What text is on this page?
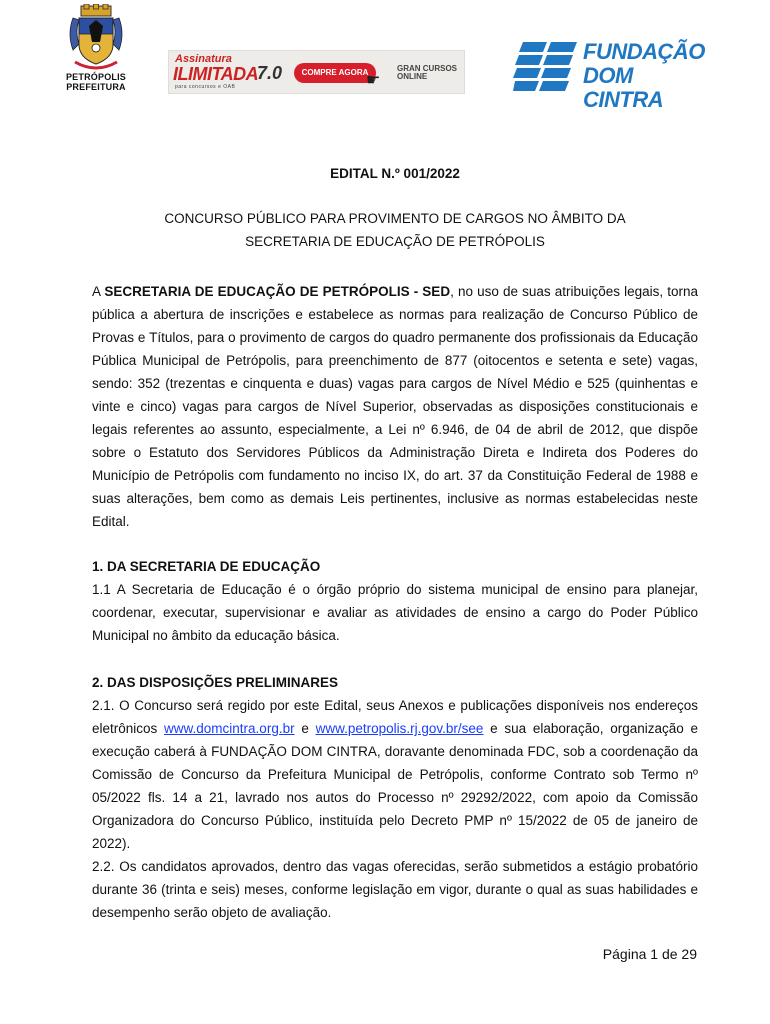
PETRÓPOLIS
PREFEITURA
Assinatura
ILIMITADA
7.0
para concursos e OAB
COMPRE AGORA
☛
GRAN CURSOS
ONLINE
FUNDAÇÃO
DOM CINTRA
EDITAL N.º 001/2022
CONCURSO PÚBLICO PARA PROVIMENTO DE CARGOS NO ÂMBITO DA
SECRETARIA DE EDUCAÇÃO DE PETRÓPOLIS
A SECRETARIA DE EDUCAÇÃO DE PETRÓPOLIS - SED, no uso de suas atribuições legais, torna pública a abertura de inscrições e estabelece as normas para realização de Concurso Público de Provas e Títulos, para o provimento de cargos do quadro permanente dos profissionais da Educação Pública Municipal de Petrópolis, para preenchimento de 877 (oitocentos e setenta e sete) vagas, sendo: 352 (trezentas e cinquenta e duas) vagas para cargos de Nível Médio e 525 (quinhentas e vinte e cinco) vagas para cargos de Nível Superior, observadas as disposições constitucionais e legais referentes ao assunto, especialmente, a Lei nº 6.946, de 04 de abril de 2012, que dispõe sobre o Estatuto dos Servidores Públicos da Administração Direta e Indireta dos Poderes do Município de Petrópolis com fundamento no inciso IX, do art. 37 da Constituição Federal de 1988 e suas alterações, bem como as demais Leis pertinentes, inclusive as normas estabelecidas neste Edital.
1. DA SECRETARIA DE EDUCAÇÃO
1.1 A Secretaria de Educação é o órgão próprio do sistema municipal de ensino para planejar, coordenar, executar, supervisionar e avaliar as atividades de ensino a cargo do Poder Público Municipal no âmbito da educação básica.
2. DAS DISPOSIÇÕES PRELIMINARES
2.1. O Concurso será regido por este Edital, seus Anexos e publicações disponíveis nos endereços eletrônicos www.domcintra.org.br e www.petropolis.rj.gov.br/see e sua elaboração, organização e execução caberá à FUNDAÇÃO DOM CINTRA, doravante denominada FDC, sob a coordenação da Comissão de Concurso da Prefeitura Municipal de Petrópolis, conforme Contrato sob Termo nº 05/2022 fls. 14 a 21, lavrado nos autos do Processo nº 29292/2022, com apoio da Comissão Organizadora do Concurso Público, instituída pelo Decreto PMP nº 15/2022 de 05 de janeiro de 2022).
2.2. Os candidatos aprovados, dentro das vagas oferecidas, serão submetidos a estágio probatório durante 36 (trinta e seis) meses, conforme legislação em vigor, durante o qual as suas habilidades e desempenho serão objeto de avaliação.
Página 1 de 29
